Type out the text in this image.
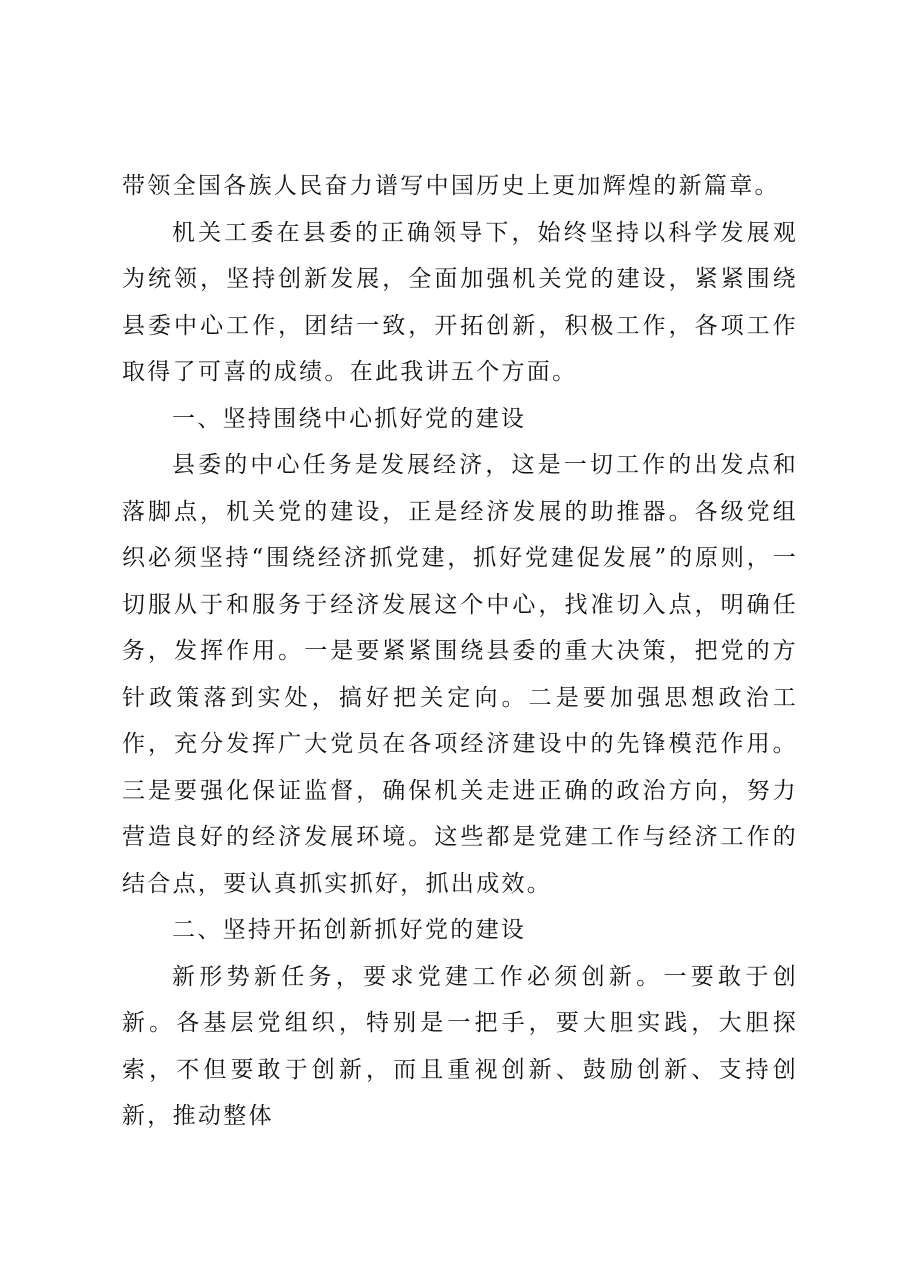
带领全国各族人民奋力谱写中国历史上更加辉煌的新篇章。

机关工委在县委的正确领导下，始终坚持以科学发展观为统领，坚持创新发展，全面加强机关党的建设，紧紧围绕县委中心工作，团结一致，开拓创新，积极工作，各项工作取得了可喜的成绩。在此我讲五个方面。

一、坚持围绕中心抓好党的建设

县委的中心任务是发展经济，这是一切工作的出发点和落脚点，机关党的建设，正是经济发展的助推器。各级党组织必须坚持“围绕经济抓党建，抓好党建促发展”的原则，一切服从于和服务于经济发展这个中心，找准切入点，明确任务，发挥作用。一是要紧紧围绕县委的重大决策，把党的方针政策落到实处，搞好把关定向。二是要加强思想政治工作，充分发挥广大党员在各项经济建设中的先锋模范作用。三是要强化保证监督，确保机关走进正确的政治方向，努力营造良好的经济发展环境。这些都是党建工作与经济工作的结合点，要认真抓实抓好，抓出成效。

二、坚持开拓创新抓好党的建设

新形势新任务，要求党建工作必须创新。一要敢于创新。各基层党组织，特别是一把手，要大胆实践，大胆探索，不但要敢于创新，而且重视创新、鼓励创新、支持创新，推动整体
